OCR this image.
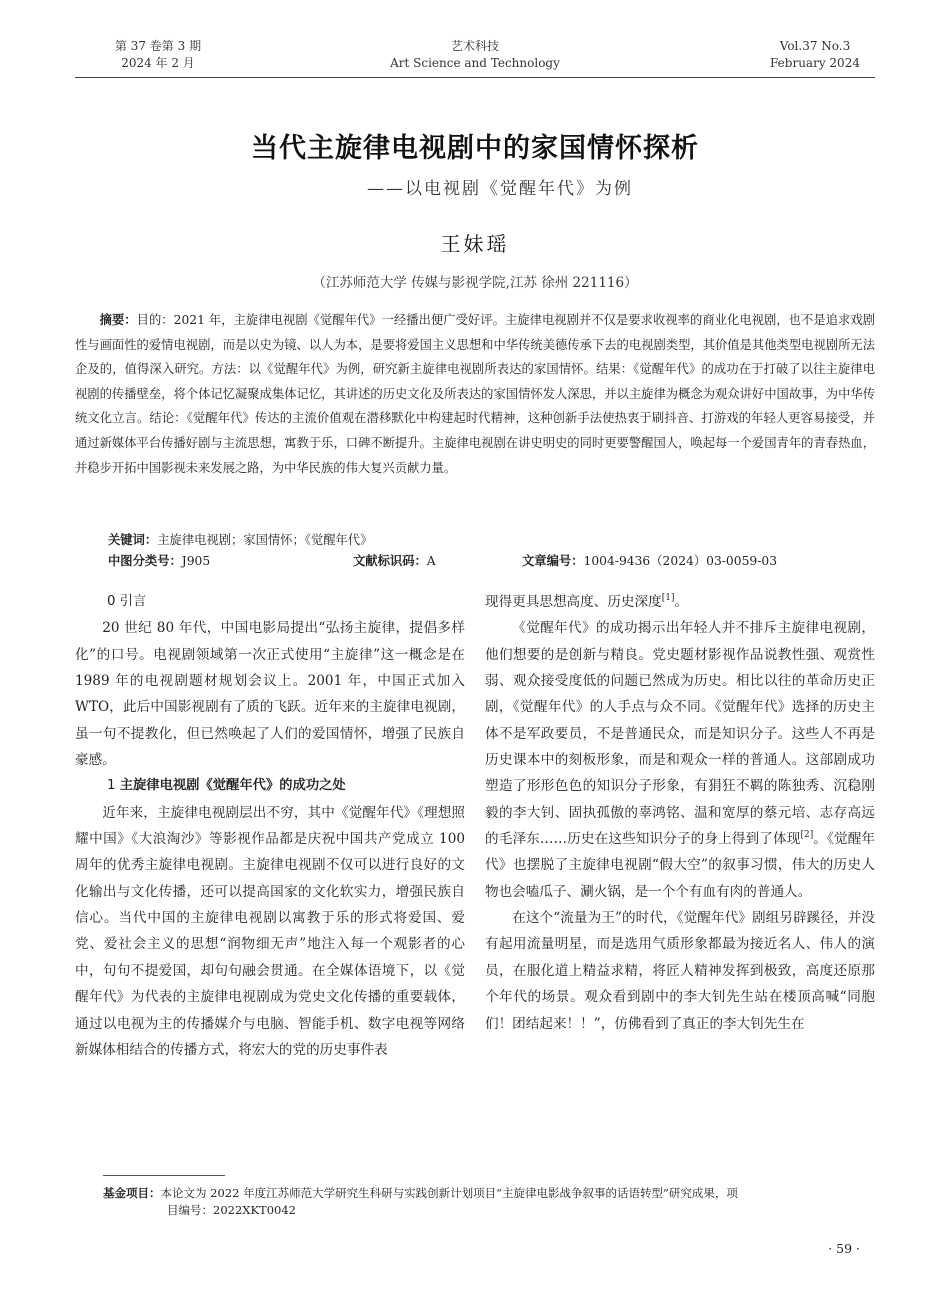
第 37 卷第 3 期
2024 年 2 月
艺术科技
Art Science and Technology
Vol.37 No.3
February 2024
当代主旋律电视剧中的家国情怀探析
——以电视剧《觉醒年代》为例
王妹瑶
（江苏师范大学 传媒与影视学院,江苏 徐州 221116）
  摘要：目的：2021 年，主旋律电视剧《觉醒年代》一经播出便广受好评。主旋律电视剧并不仅是要求收视率的商业化电视剧，也不是追求戏剧性与画面性的爱情电视剧，而是以史为镜、以人为本，是要将爱国主义思想和中华传统美德传承下去的电视剧类型，其价值是其他类型电视剧所无法企及的，值得深入研究。方法：以《觉醒年代》为例，研究新主旋律电视剧所表达的家国情怀。结果：《觉醒年代》的成功在于打破了以往主旋律电视剧的传播壁垒，将个体记忆凝聚成集体记忆，其讲述的历史文化及所表达的家国情怀发人深思，并以主旋律为概念为观众讲好中国故事，为中华传统文化立言。结论：《觉醒年代》传达的主流价值观在潜移默化中构建起时代精神，这种创新手法使热衷于刷抖音、打游戏的年轻人更容易接受，并通过新媒体平台传播好剧与主流思想，寓教于乐，口碑不断提升。主旋律电视剧在讲史明史的同时更要警醒国人，唤起每一个爱国青年的青春热血，并稳步开拓中国影视未来发展之路，为中华民族的伟大复兴贡献力量。
关键词：主旋律电视剧；家国情怀；《觉醒年代》
中图分类号：J905	文献标识码：A	文章编号：1004-9436（2024）03-0059-03

0 引言

20 世纪 80 年代，中国电影局提出“弘扬主旋律，提倡多样化”的口号。电视剧领域第一次正式使用“主旋律”这一概念是在 1989 年的电视剧题材规划会议上。2001 年，中国正式加入 WTO，此后中国影视剧有了质的飞跃。近年来的主旋律电视剧，虽一句不提教化，但已然唤起了人们的爱国情怀，增强了民族自豪感。

1 主旋律电视剧《觉醒年代》的成功之处

近年来，主旋律电视剧层出不穷，其中《觉醒年代》《理想照耀中国》《大浪淘沙》等影视作品都是庆祝中国共产党成立 100 周年的优秀主旋律电视剧。主旋律电视剧不仅可以进行良好的文化输出与文化传播，还可以提高国家的文化软实力，增强民族自信心。当代中国的主旋律电视剧以寓教于乐的形式将爱国、爱党、爱社会主义的思想“润物细无声”地注入每一个观影者的心中，句句不提爱国，却句句融会贯通。在全媒体语境下，以《觉醒年代》为代表的主旋律电视剧成为党史文化传播的重要载体，通过以电视为主的传播媒介与电脑、智能手机、数字电视等网络新媒体相结合的传播方式，将宏大的党的历史事件表

现得更具思想高度、历史深度[1]。

《觉醒年代》的成功揭示出年轻人并不排斥主旋律电视剧，他们想要的是创新与精良。党史题材影视作品说教性强、观赏性弱、观众接受度低的问题已然成为历史。相比以往的革命历史正剧，《觉醒年代》的人手点与众不同。《觉醒年代》选择的历史主体不是军政要员，不是普通民众，而是知识分子。这些人不再是历史课本中的刻板形象，而是和观众一样的普通人。这部剧成功塑造了形形色色的知识分子形象，有狷狂不羁的陈独秀、沉稳刚毅的李大钊、固执孤傲的辜鸿铭、温和宽厚的蔡元培、志存高远的毛泽东……历史在这些知识分子的身上得到了体现[2]。《觉醒年代》也摆脱了主旋律电视剧“假大空”的叙事习惯，伟大的历史人物也会嗑瓜子、涮火锅，是一个个有血有肉的普通人。

在这个“流量为王”的时代，《觉醒年代》剧组另辟蹊径，并没有起用流量明星，而是选用气质形象都最为接近名人、伟人的演员，在服化道上精益求精，将匠人精神发挥到极致，高度还原那个年代的场景。观众看到剧中的李大钊先生站在楼顶高喊“同胞们！团结起来！！”，仿佛看到了真正的李大钊先生在

基金项目：本论文为 2022 年度江苏师范大学研究生科研与实践创新计划项目“主旋律电影战争叙事的话语转型”研究成果，项
目编号：2022XKT0042
· 59 ·
